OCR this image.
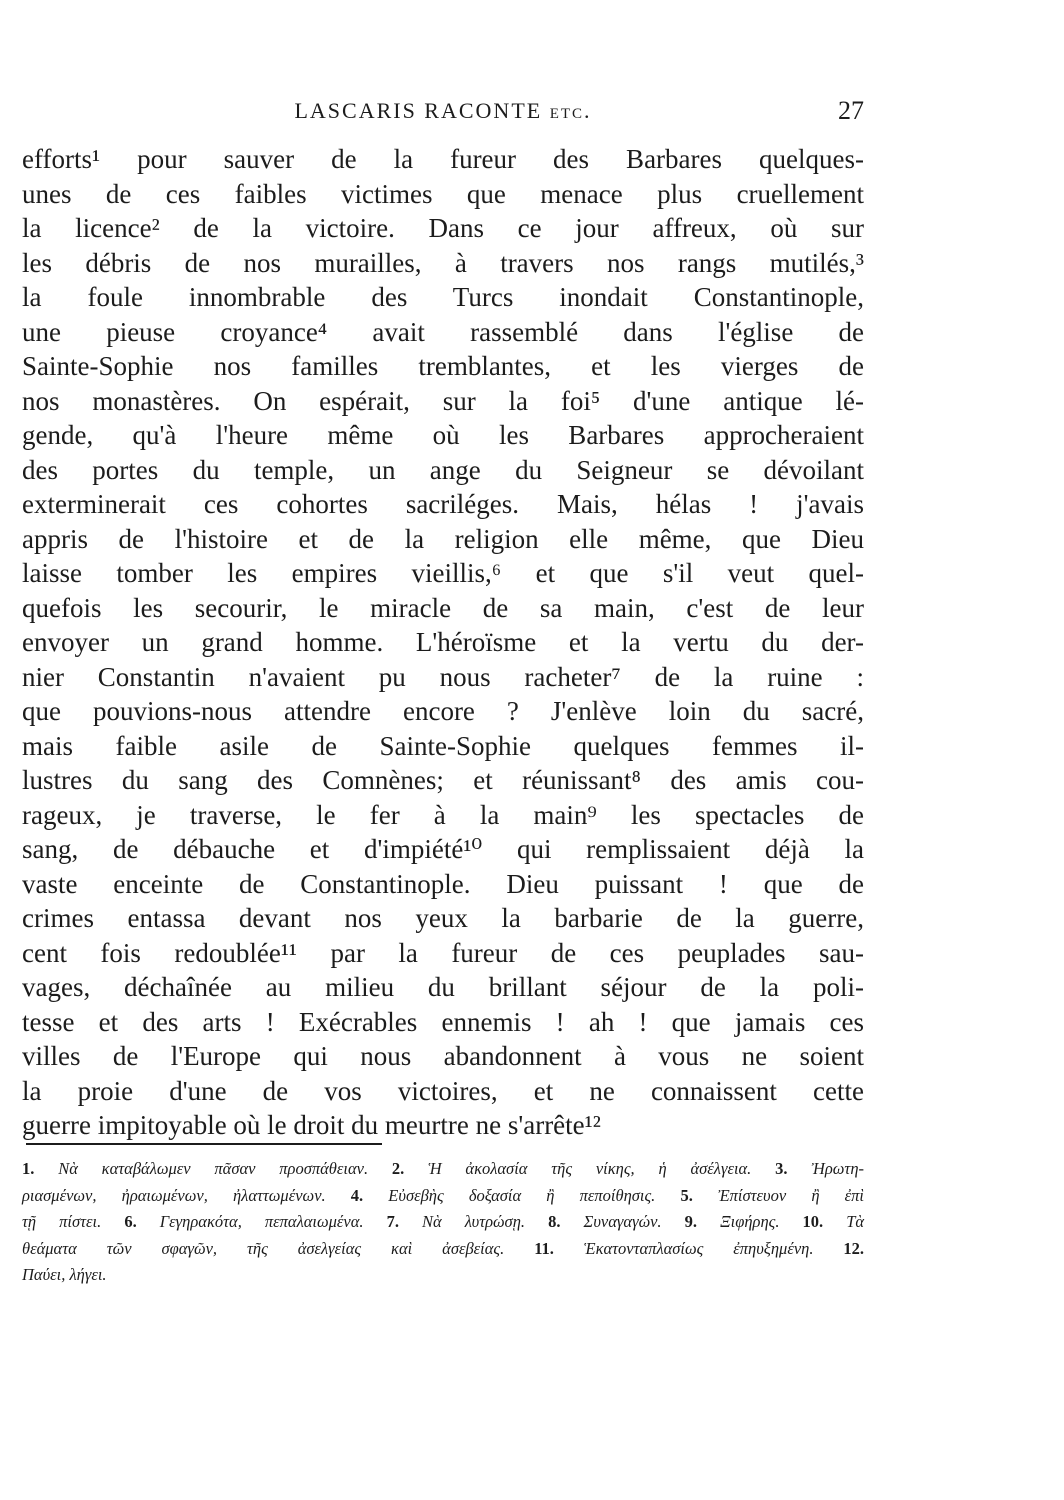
LASCARIS RACONTE etc.	27
efforts¹ pour sauver de la fureur des Barbares quelques-
unes de ces faibles victimes que menace plus cruellement
la licence² de la victoire. Dans ce jour affreux, où sur
les débris de nos murailles, à travers nos rangs mutilés,³
la foule innombrable des Turcs inondait Constantinople,
une pieuse croyance⁴ avait rassemblé dans l'église de
Sainte-Sophie nos familles tremblantes, et les vierges de
nos monastères. On espérait, sur la foi⁵ d'une antique lé-
gende, qu'à l'heure même où les Barbares approcheraient
des portes du temple, un ange du Seigneur se dévoilant
exterminerait ces cohortes sacriléges. Mais, hélas ! j'avais
appris de l'histoire et de la religion elle même, que Dieu
laisse tomber les empires vieillis,⁶ et que s'il veut quel-
quefois les secourir, le miracle de sa main, c'est de leur
envoyer un grand homme. L'héroïsme et la vertu du der-
nier Constantin n'avaient pu nous racheter⁷ de la ruine :
que pouvions-nous attendre encore ? J'enlève loin du sacré,
mais faible asile de Sainte-Sophie quelques femmes il-
lustres du sang des Comnènes; et réunissant⁸ des amis cou-
rageux, je traverse, le fer à la main⁹ les spectacles de
sang, de débauche et d'impiété¹⁰ qui remplissaient déjà la
vaste enceinte de Constantinople. Dieu puissant ! que de
crimes entassa devant nos yeux la barbarie de la guerre,
cent fois redoublée¹¹ par la fureur de ces peuplades sau-
vages, déchaînée au milieu du brillant séjour de la poli-
tesse et des arts ! Exécrables ennemis ! ah ! que jamais ces
villes de l'Europe qui nous abandonnent à vous ne soient
la proie d'une de vos victoires, et ne connaissent cette
guerre impitoyable où le droit du meurtre ne s'arrête¹²
1. Νὰ καταβάλωμεν πᾶσαν προσπάθειαν. 2. Ἡ ἀκολασία τῆς νίκης, ἡ ἀσέλγεια. 3. Ἠρωτη-
ριασμένων, ἠραιωμένων, ἠλαττωμένων. 4. Εὐσεβὴς δοξασία ἢ πεποίθησις. 5. Ἐπίστευον ἢ ἐπὶ
τῇ πίστει. 6. Γεγηρακότα, πεπαλαιωμένα. 7. Νὰ λυτρώσῃ. 8. Συναγαγών. 9. Ξιφήρης. 10. Τὰ
θεάματα τῶν σφαγῶν, τῆς ἀσελγείας καὶ ἀσεβείας. 11. Ἑκατονταπλασίως ἐπηυξημένη. 12.
Παύει, λήγει.
